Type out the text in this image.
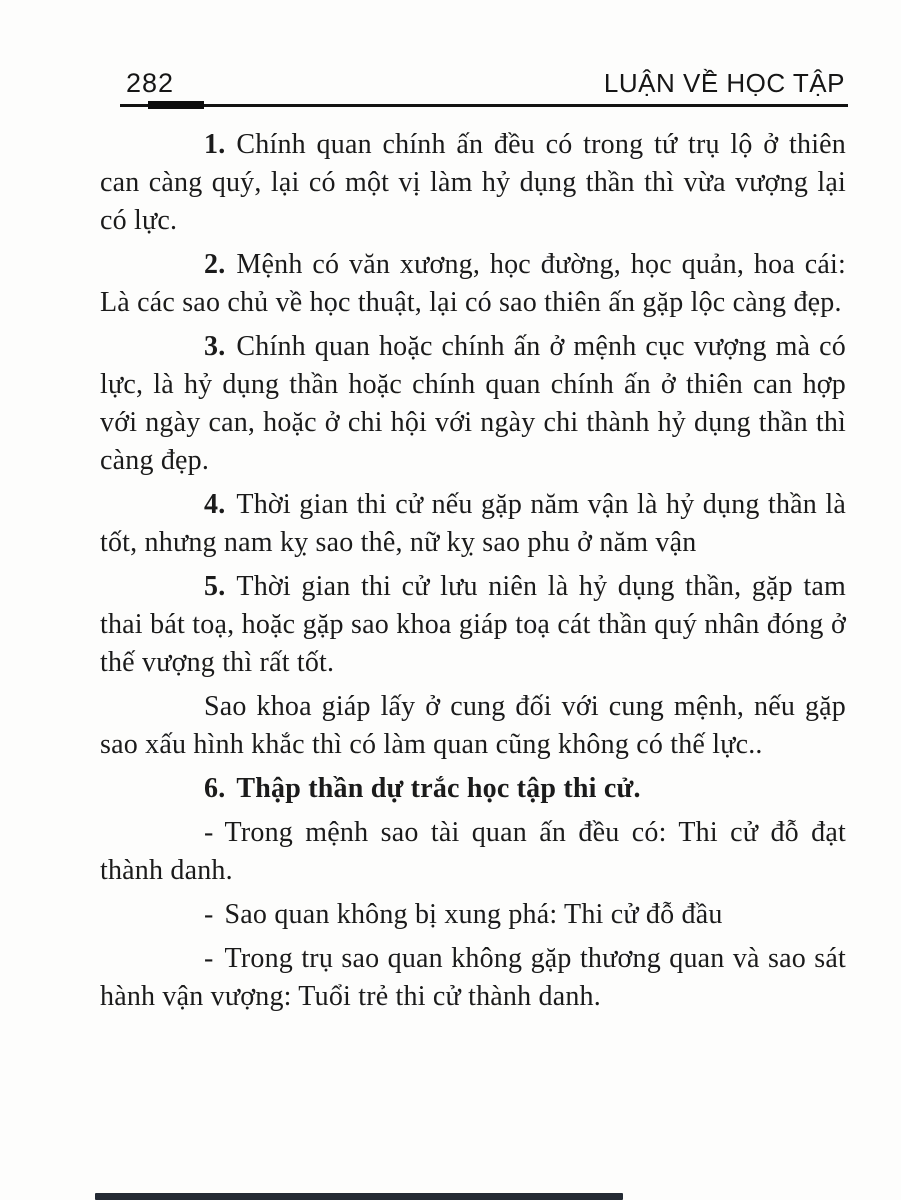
282	LUẬN VỀ HỌC TẬP

1. Chính quan chính ấn đều có trong tứ trụ lộ ở thiên can càng quý, lại có một vị làm hỷ dụng thần thì vừa vượng lại có lực.

2. Mệnh có văn xương, học đường, học quản, hoa cái: Là các sao chủ về học thuật, lại có sao thiên ấn gặp lộc càng đẹp.

3. Chính quan hoặc chính ấn ở mệnh cục vượng mà có lực, là hỷ dụng thần hoặc chính quan chính ấn ở thiên can hợp với ngày can, hoặc ở chi hội với ngày chi thành hỷ dụng thần thì càng đẹp.

4. Thời gian thi cử nếu gặp năm vận là hỷ dụng thần là tốt, nhưng nam kỵ sao thê, nữ kỵ sao phu ở năm vận

5. Thời gian thi cử lưu niên là hỷ dụng thần, gặp tam thai bát toạ, hoặc gặp sao khoa giáp toạ cát thần quý nhân đóng ở thế vượng thì rất tốt.

Sao khoa giáp lấy ở cung đối với cung mệnh, nếu gặp sao xấu hình khắc thì có làm quan cũng không có thế lực..

6. Thập thần dự trắc học tập thi cử.

- Trong mệnh sao tài quan ấn đều có: Thi cử đỗ đạt thành danh.

- Sao quan không bị xung phá: Thi cử đỗ đầu

- Trong trụ sao quan không gặp thương quan và sao sát hành vận vượng: Tuổi trẻ thi cử thành danh.
